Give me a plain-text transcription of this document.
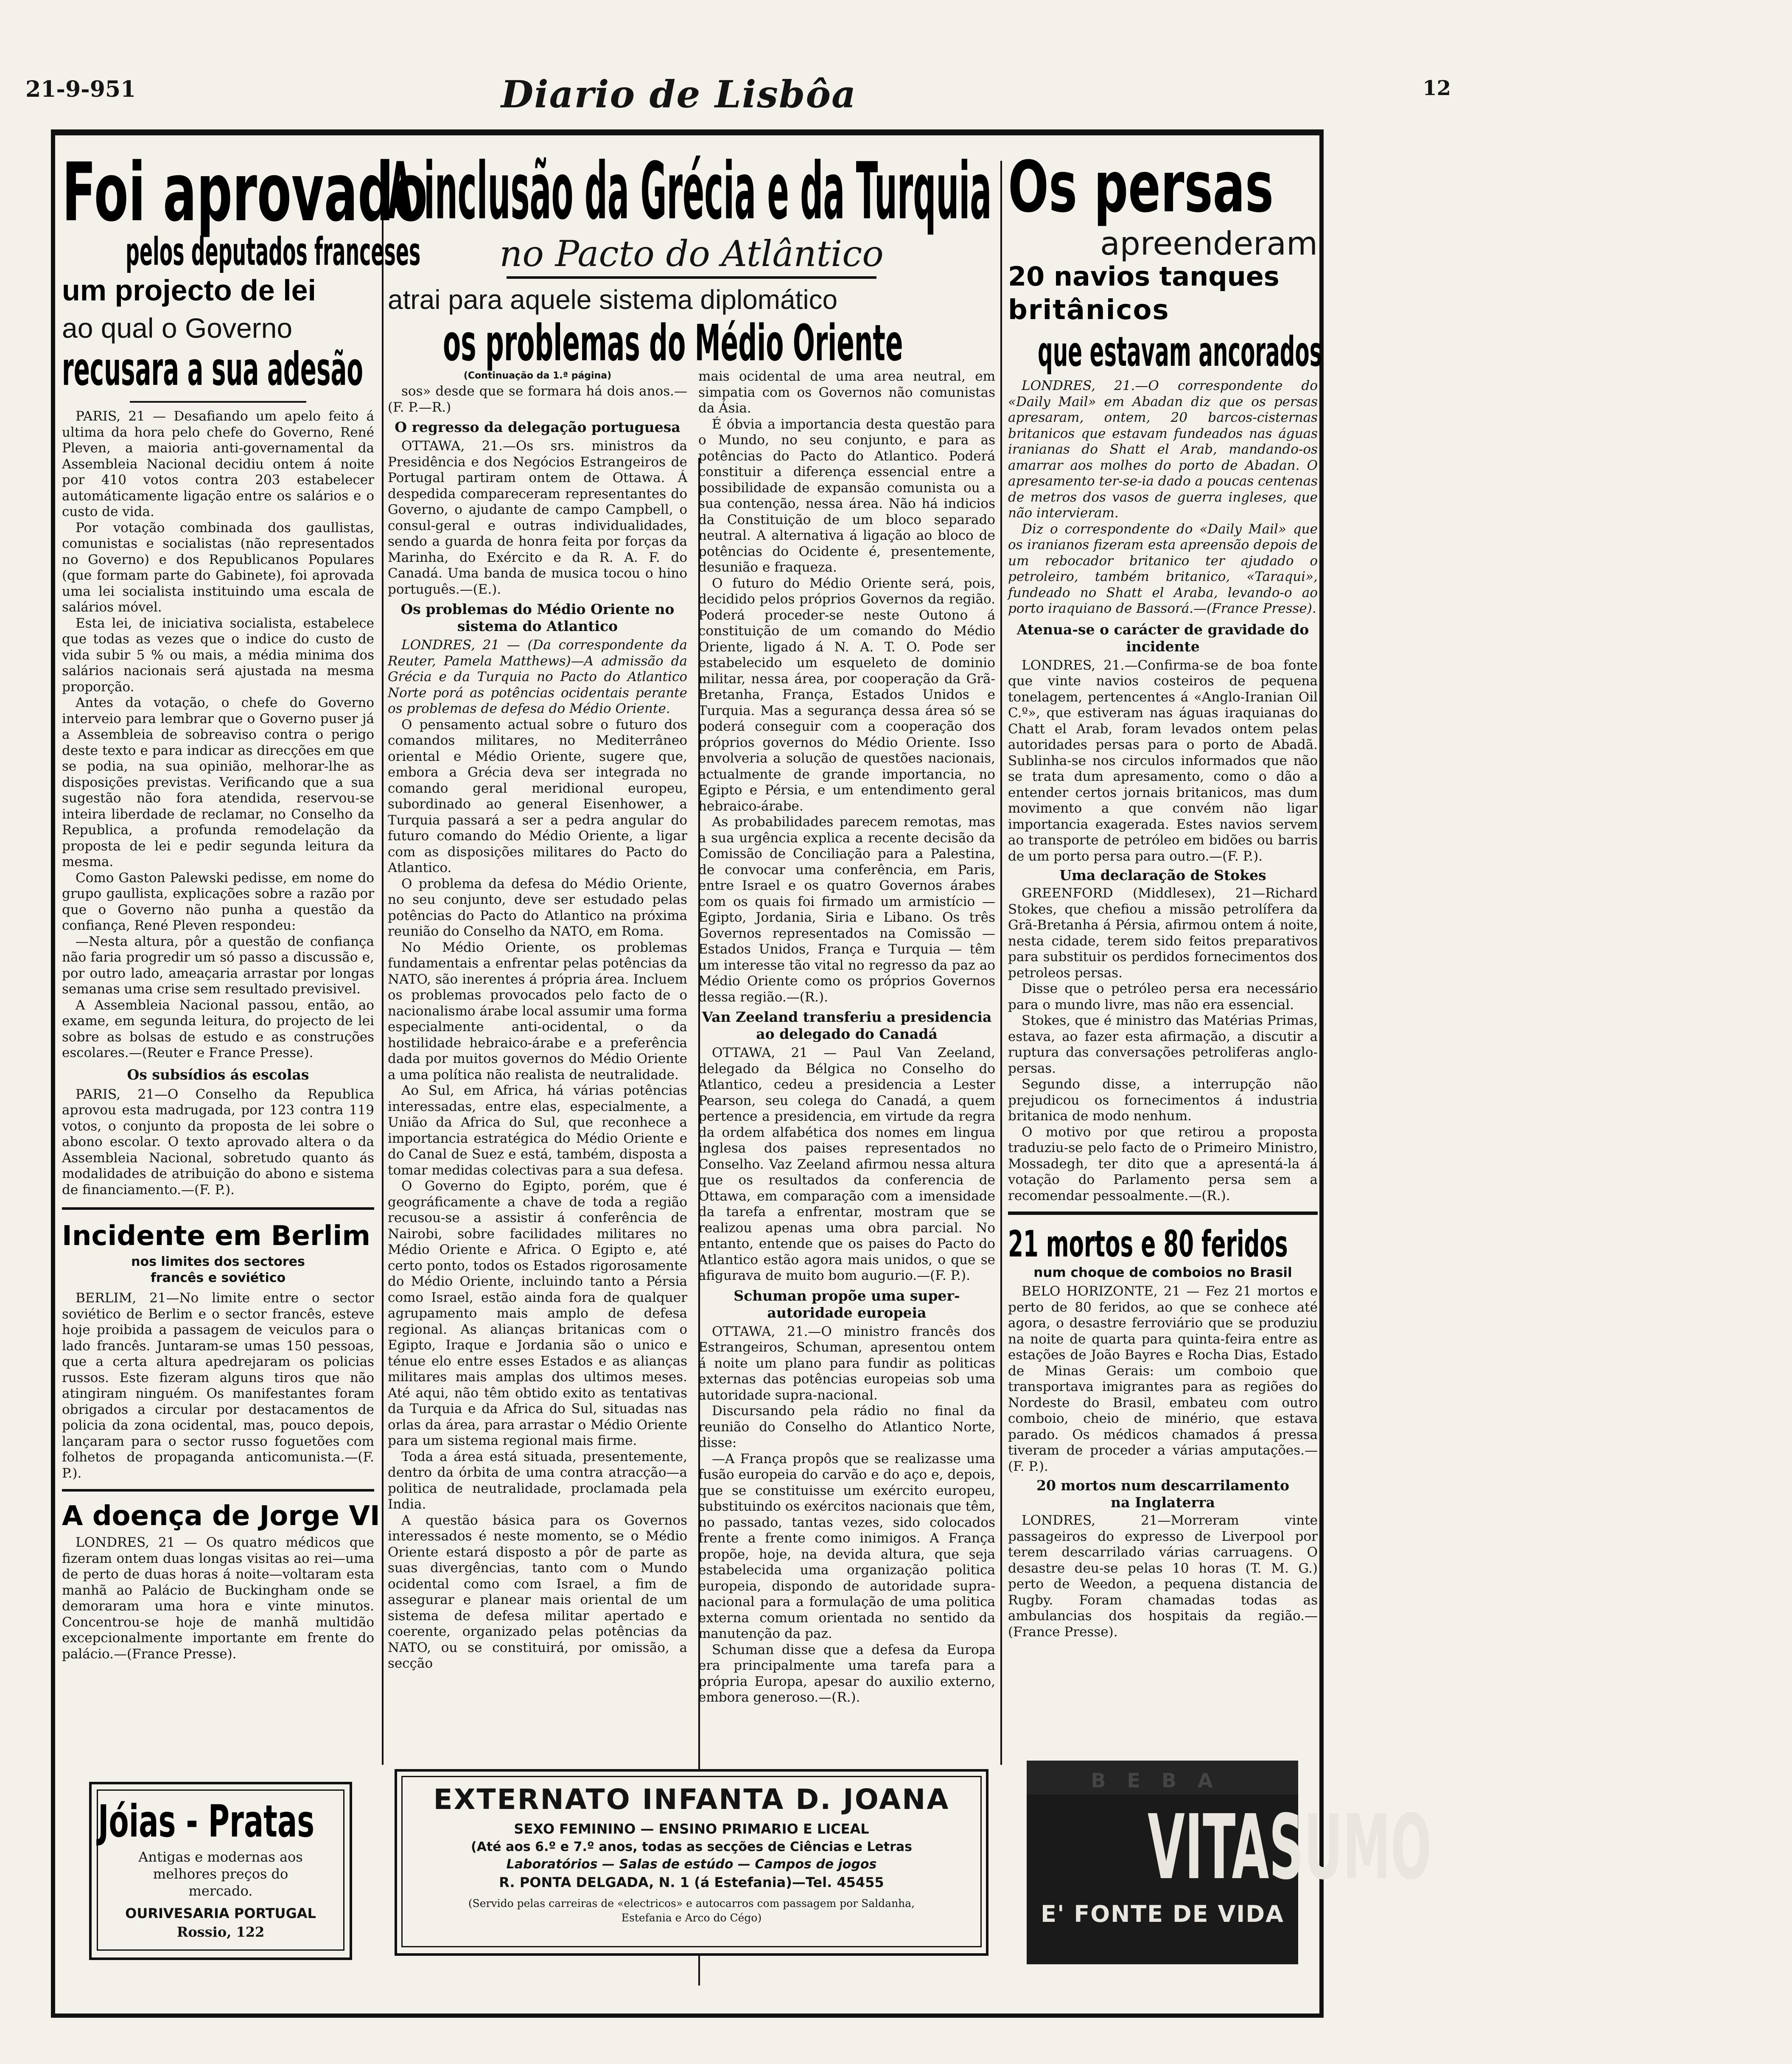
21-9-951	Diario de Lisbôa	12
Foi aprovado
pelos deputados franceses
um projecto de lei
ao qual o Governo
recusara a sua adesão

PARIS, 21 — Desafiando um apelo feito á ultima da hora pelo chefe do Governo, René Pleven, a maioria anti-governamental da Assembleia Nacional decidiu ontem á noite por 410 votos contra 203 estabelecer automáticamente ligação entre os salários e o custo de vida.

Por votação combinada dos gaullistas, comunistas e socialistas (não representados no Governo) e dos Republicanos Populares (que formam parte do Gabinete), foi aprovada uma lei socialista instituindo uma escala de salários móvel.

Esta lei, de iniciativa socialista, estabelece que todas as vezes que o indice do custo de vida subir 5 % ou mais, a média minima dos salários nacionais será ajustada na mesma proporção.

Antes da votação, o chefe do Governo interveio para lembrar que o Governo puser já a Assembleia de sobreaviso contra o perigo deste texto e para indicar as direcções em que se podia, na sua opinião, melhorar-lhe as disposições previstas. Verificando que a sua sugestão não fora atendida, reservou-se inteira liberdade de reclamar, no Conselho da Republica, a profunda remodelação da proposta de lei e pedir segunda leitura da mesma.

Como Gaston Palewski pedisse, em nome do grupo gaullista, explicações sobre a razão por que o Governo não punha a questão da confiança, René Pleven respondeu:

—Nesta altura, pôr a questão de confiança não faria progredir um só passo a discussão e, por outro lado, ameaçaria arrastar por longas semanas uma crise sem resultado previsivel.

A Assembleia Nacional passou, então, ao exame, em segunda leitura, do projecto de lei sobre as bolsas de estudo e as construções escolares.—(Reuter e France Presse).

Os subsídios ás escolas

PARIS, 21—O Conselho da Republica aprovou esta madrugada, por 123 contra 119 votos, o conjunto da proposta de lei sobre o abono escolar. O texto aprovado altera o da Assembleia Nacional, sobretudo quanto ás modalidades de atribuição do abono e sistema de financiamento.—(F. P.).

Incidente em Berlim
nos limites dos sectores francês e soviético

BERLIM, 21—No limite entre o sector soviético de Berlim e o sector francês, esteve hoje proibida a passagem de veiculos para o lado francês. Juntaram-se umas 150 pessoas, que a certa altura apedrejaram os policias russos. Este fizeram alguns tiros que não atingiram ninguém. Os manifestantes foram obrigados a circular por destacamentos de policia da zona ocidental, mas, pouco depois, lançaram para o sector russo foguetões com folhetos de propaganda anticomunista.—(F. P.).

A doença de Jorge VI

LONDRES, 21 — Os quatro médicos que fizeram ontem duas longas visitas ao rei—uma de perto de duas horas á noite—voltaram esta manhã ao Palácio de Buckingham onde se demoraram uma hora e vinte minutos. Concentrou-se hoje de manhã multidão excepcionalmente importante em frente do palácio.—(France Presse).

Jóias - Pratas
Antigas e modernas aos melhores preços do mercado.
OURIVESARIA PORTUGAL
Rossio, 122
A inclusão da Grécia e da Turquia
no Pacto do Atlântico
atrai para aquele sistema diplomático
os problemas do Médio Oriente
(Continuação da 1.ª página)

sos» desde que se formara há dois anos.—(F. P.—R.)

O regresso da delegação portuguesa

OTTAWA, 21.—Os srs. ministros da Presidência e dos Negócios Estrangeiros de Portugal partiram ontem de Ottawa. Á despedida compareceram representantes do Governo, o ajudante de campo Campbell, o consul-geral e outras individualidades, sendo a guarda de honra feita por forças da Marinha, do Exército e da R. A. F. do Canadá. Uma banda de musica tocou o hino português.—(E.).

Os problemas do Médio Oriente no sistema do Atlantico

LONDRES, 21 — (Da correspondente da Reuter, Pamela Matthews)—A admissão da Grécia e da Turquia no Pacto do Atlantico Norte porá as potências ocidentais perante os problemas de defesa do Médio Oriente.

O pensamento actual sobre o futuro dos comandos militares, no Mediterrâneo oriental e Médio Oriente, sugere que, embora a Grécia deva ser integrada no comando geral meridional europeu, subordinado ao general Eisenhower, a Turquia passará a ser a pedra angular do futuro comando do Médio Oriente, a ligar com as disposições militares do Pacto do Atlantico.

O problema da defesa do Médio Oriente, no seu conjunto, deve ser estudado pelas potências do Pacto do Atlantico na próxima reunião do Conselho da NATO, em Roma.

No Médio Oriente, os problemas fundamentais a enfrentar pelas potências da NATO, são inerentes á própria área. Incluem os problemas provocados pelo facto de o nacionalismo árabe local assumir uma forma especialmente anti-ocidental, o da hostilidade hebraico-árabe e a preferência dada por muitos governos do Médio Oriente a uma política não realista de neutralidade.

Ao Sul, em Africa, há várias potências interessadas, entre elas, especialmente, a União da Africa do Sul, que reconhece a importancia estratégica do Médio Oriente e do Canal de Suez e está, também, disposta a tomar medidas colectivas para a sua defesa.

O Governo do Egipto, porém, que é geográficamente a chave de toda a região recusou-se a assistir á conferência de Nairobi, sobre facilidades militares no Médio Oriente e Africa. O Egipto e, até certo ponto, todos os Estados rigorosamente do Médio Oriente, incluindo tanto a Pérsia como Israel, estão ainda fora de qualquer agrupamento mais amplo de defesa regional. As alianças britanicas com o Egipto, Iraque e Jordania são o unico e ténue elo entre esses Estados e as alianças militares mais amplas dos ultimos meses. Até aqui, não têm obtido exito as tentativas da Turquia e da Africa do Sul, situadas nas orlas da área, para arrastar o Médio Oriente para um sistema regional mais firme.

Toda a área está situada, presentemente, dentro da órbita de uma contra atracção—a politica de neutralidade, proclamada pela India.

A questão básica para os Governos interessados é neste momento, se o Médio Oriente estará disposto a pôr de parte as suas divergências, tanto com o Mundo ocidental como com Israel, a fim de assegurar e planear mais oriental de um sistema de defesa militar apertado e coerente, organizado pelas potências da NATO, ou se constituirá, por omissão, a secção

mais ocidental de uma area neutral, em simpatia com os Governos não comunistas da Ásia.

É óbvia a importancia desta questão para o Mundo, no seu conjunto, e para as potências do Pacto do Atlantico. Poderá constituir a diferença essencial entre a possibilidade de expansão comunista ou a sua contenção, nessa área. Não há indicios da Constituição de um bloco separado neutral. A alternativa á ligação ao bloco de potências do Ocidente é, presentemente, desunião e fraqueza.

O futuro do Médio Oriente será, pois, decidido pelos próprios Governos da região. Poderá proceder-se neste Outono á constituição de um comando do Médio Oriente, ligado á N. A. T. O. Pode ser estabelecido um esqueleto de dominio militar, nessa área, por cooperação da Grã-Bretanha, França, Estados Unidos e Turquia. Mas a segurança dessa área só se poderá conseguir com a cooperação dos próprios governos do Médio Oriente. Isso envolveria a solução de questões nacionais, actualmente de grande importancia, no Egipto e Pérsia, e um entendimento geral hebraico-árabe.

As probabilidades parecem remotas, mas a sua urgência explica a recente decisão da Comissão de Conciliação para a Palestina, de convocar uma conferência, em Paris, entre Israel e os quatro Governos árabes com os quais foi firmado um armistício — Egipto, Jordania, Siria e Libano. Os três Governos representados na Comissão — Estados Unidos, França e Turquia — têm um interesse tão vital no regresso da paz ao Médio Oriente como os próprios Governos dessa região.—(R.).

Van Zeeland transferiu a presidencia ao delegado do Canadá

OTTAWA, 21 — Paul Van Zeeland, delegado da Bélgica no Conselho do Atlantico, cedeu a presidencia a Lester Pearson, seu colega do Canadá, a quem pertence a presidencia, em virtude da regra da ordem alfabética dos nomes em lingua inglesa dos paises representados no Conselho. Vaz Zeeland afirmou nessa altura que os resultados da conferencia de Ottawa, em comparação com a imensidade da tarefa a enfrentar, mostram que se realizou apenas uma obra parcial. No entanto, entende que os paises do Pacto do Atlantico estão agora mais unidos, o que se afigurava de muito bom augurio.—(F. P.).

Schuman propõe uma super-autoridade europeia

OTTAWA, 21.—O ministro francês dos Estrangeiros, Schuman, apresentou ontem á noite um plano para fundir as politicas externas das potências europeias sob uma autoridade supra-nacional.

Discursando pela rádio no final da reunião do Conselho do Atlantico Norte, disse:

—A França propôs que se realizasse uma fusão europeia do carvão e do aço e, depois, que se constituisse um exército europeu, substituindo os exércitos nacionais que têm, no passado, tantas vezes, sido colocados frente a frente como inimigos. A França propõe, hoje, na devida altura, que seja estabelecida uma organização politica europeia, dispondo de autoridade supra-nacional para a formulação de uma politica externa comum orientada no sentido da manutenção da paz.

Schuman disse que a defesa da Europa era principalmente uma tarefa para a própria Europa, apesar do auxilio externo, embora generoso.—(R.).

EXTERNATO INFANTA D. JOANA
SEXO FEMININO — ENSINO PRIMARIO E LICEAL
(Até aos 6.º e 7.º anos, todas as secções de Ciências e Letras
Laboratórios — Salas de estúdo — Campos de jogos
R. PONTA DELGADA, N. 1 (á Estefania)—Tel. 45455
(Servido pelas carreiras de «electricos» e autocarros com passagem por Saldanha, Estefania e Arco do Cégo)
Os persas
apreenderam
20 navios tanques
britânicos
que estavam ancorados

LONDRES, 21.—O correspondente do «Daily Mail» em Abadan diz que os persas apresaram, ontem, 20 barcos-cisternas britanicos que estavam fundeados nas águas iranianas do Shatt el Arab, mandando-os amarrar aos molhes do porto de Abadan. O apresamento ter-se-ia dado a poucas centenas de metros dos vasos de guerra ingleses, que não intervieram.

Diz o correspondente do «Daily Mail» que os iranianos fizeram esta apreensão depois de um rebocador britanico ter ajudado o petroleiro, também britanico, «Taraqui», fundeado no Shatt el Araba, levando-o ao porto iraquiano de Bassorá.—(France Presse).

Atenua-se o carácter de gravidade do incidente

LONDRES, 21.—Confirma-se de boa fonte que vinte navios costeiros de pequena tonelagem, pertencentes á «Anglo-Iranian Oil C.º», que estiveram nas águas iraquianas do Chatt el Arab, foram levados ontem pelas autoridades persas para o porto de Abadã. Sublinha-se nos circulos informados que não se trata dum apresamento, como o dão a entender certos jornais britanicos, mas dum movimento a que convém não ligar importancia exagerada. Estes navios servem ao transporte de petróleo em bidões ou barris de um porto persa para outro.—(F. P.).

Uma declaração de Stokes

GREENFORD (Middlesex), 21—Richard Stokes, que chefiou a missão petrolífera da Grã-Bretanha á Pérsia, afirmou ontem á noite, nesta cidade, terem sido feitos preparativos para substituir os perdidos fornecimentos dos petroleos persas.

Disse que o petróleo persa era necessário para o mundo livre, mas não era essencial.

Stokes, que é ministro das Matérias Primas, estava, ao fazer esta afirmação, a discutir a ruptura das conversações petroliferas anglo-persas.

Segundo disse, a interrupção não prejudicou os fornecimentos á industria britanica de modo nenhum.

O motivo por que retirou a proposta traduziu-se pelo facto de o Primeiro Ministro, Mossadegh, ter dito que a apresentá-la á votação do Parlamento persa sem a recomendar pessoalmente.—(R.).

21 mortos e 80 feridos
num choque de comboios no Brasil

BELO HORIZONTE, 21 — Fez 21 mortos e perto de 80 feridos, ao que se conhece até agora, o desastre ferroviário que se produziu na noite de quarta para quinta-feira entre as estações de João Bayres e Rocha Dias, Estado de Minas Gerais: um comboio que transportava imigrantes para as regiões do Nordeste do Brasil, embateu com outro comboio, cheio de minério, que estava parado. Os médicos chamados á pressa tiveram de proceder a várias amputações.—(F. P.).

20 mortos num descarrilamento na Inglaterra

LONDRES, 21—Morreram vinte passageiros do expresso de Liverpool por terem descarrilado várias carruagens. O desastre deu-se pelas 10 horas (T. M. G.) perto de Weedon, a pequena distancia de Rugby. Foram chamadas todas as ambulancias dos hospitais da região.—(France Presse).

BEBA
VITASUMO
E' FONTE DE VIDA
